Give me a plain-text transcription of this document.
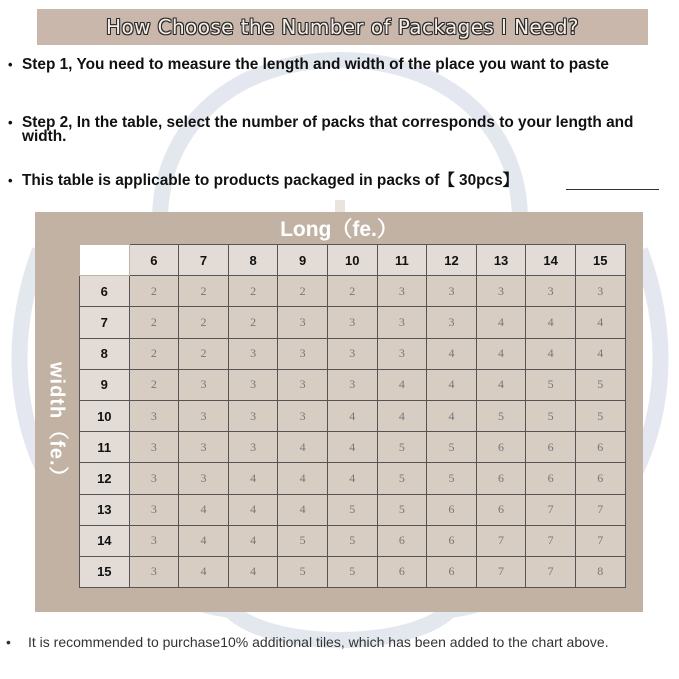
How Choose the Number of Packages I Need?
• Step 1, You need to measure the length and width of the place you want to paste
• Step 2, In the table, select the number of packs that corresponds to your length and width.
• This table is applicable to products packaged in packs of【 30pcs】
Long（fe.）
width（fe.）
	6	7	8	9	10	11	12	13	14	15
6	2	2	2	2	2	3	3	3	3	3
7	2	2	2	3	3	3	3	4	4	4
8	2	2	3	3	3	3	4	4	4	4
9	2	3	3	3	3	4	4	4	5	5
10	3	3	3	3	4	4	4	5	5	5
11	3	3	3	4	4	5	5	6	6	6
12	3	3	4	4	4	5	5	6	6	6
13	3	4	4	4	5	5	6	6	7	7
14	3	4	4	5	5	6	6	7	7	7
15	3	4	4	5	5	6	6	7	7	8
• It is recommended to purchase10% additional tiles, which has been added to the chart above.
